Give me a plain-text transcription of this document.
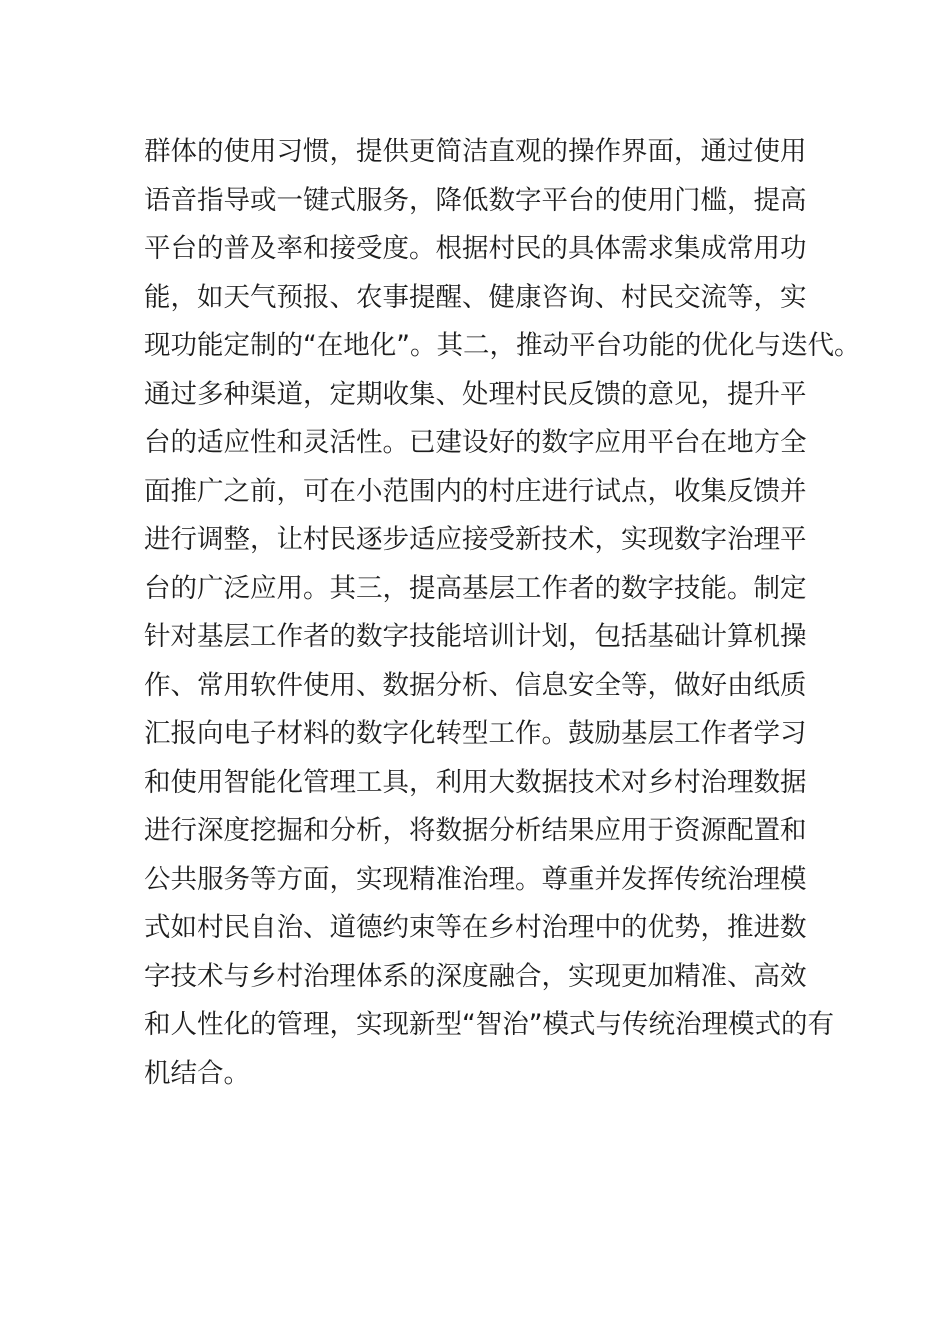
群体的使用习惯，提供更简洁直观的操作界面，通过使用
语音指导或一键式服务，降低数字平台的使用门槛，提高
平台的普及率和接受度。根据村民的具体需求集成常用功
能，如天气预报、农事提醒、健康咨询、村民交流等，实
现功能定制的“在地化”。其二，推动平台功能的优化与迭代。
通过多种渠道，定期收集、处理村民反馈的意见，提升平
台的适应性和灵活性。已建设好的数字应用平台在地方全
面推广之前，可在小范围内的村庄进行试点，收集反馈并
进行调整，让村民逐步适应接受新技术，实现数字治理平
台的广泛应用。其三，提高基层工作者的数字技能。制定
针对基层工作者的数字技能培训计划，包括基础计算机操
作、常用软件使用、数据分析、信息安全等，做好由纸质
汇报向电子材料的数字化转型工作。鼓励基层工作者学习
和使用智能化管理工具，利用大数据技术对乡村治理数据
进行深度挖掘和分析，将数据分析结果应用于资源配置和
公共服务等方面，实现精准治理。尊重并发挥传统治理模
式如村民自治、道德约束等在乡村治理中的优势，推进数
字技术与乡村治理体系的深度融合，实现更加精准、高效
和人性化的管理，实现新型“智治”模式与传统治理模式的有
机结合。
